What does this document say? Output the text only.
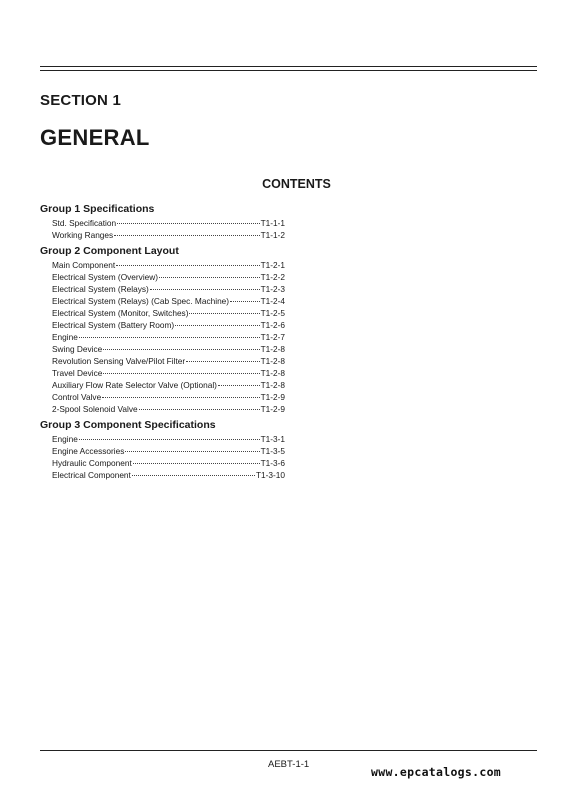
SECTION 1
GENERAL
CONTENTS
Group 1 Specifications
Std. Specification	T1-1-1
Working Ranges	T1-1-2
Group 2 Component Layout
Main Component	T1-2-1
Electrical System (Overview)	T1-2-2
Electrical System (Relays)	T1-2-3
Electrical System (Relays) (Cab Spec. Machine)	T1-2-4
Electrical System (Monitor, Switches)	T1-2-5
Electrical System (Battery Room)	T1-2-6
Engine	T1-2-7
Swing Device	T1-2-8
Revolution Sensing Valve/Pilot Filter	T1-2-8
Travel Device	T1-2-8
Auxiliary Flow Rate Selector Valve (Optional)	T1-2-8
Control Valve	T1-2-9
2-Spool Solenoid Valve	T1-2-9
Group 3 Component Specifications
Engine	T1-3-1
Engine Accessories	T1-3-5
Hydraulic Component	T1-3-6
Electrical Component	T1-3-10
AEBT-1-1
www.epcatalogs.com
